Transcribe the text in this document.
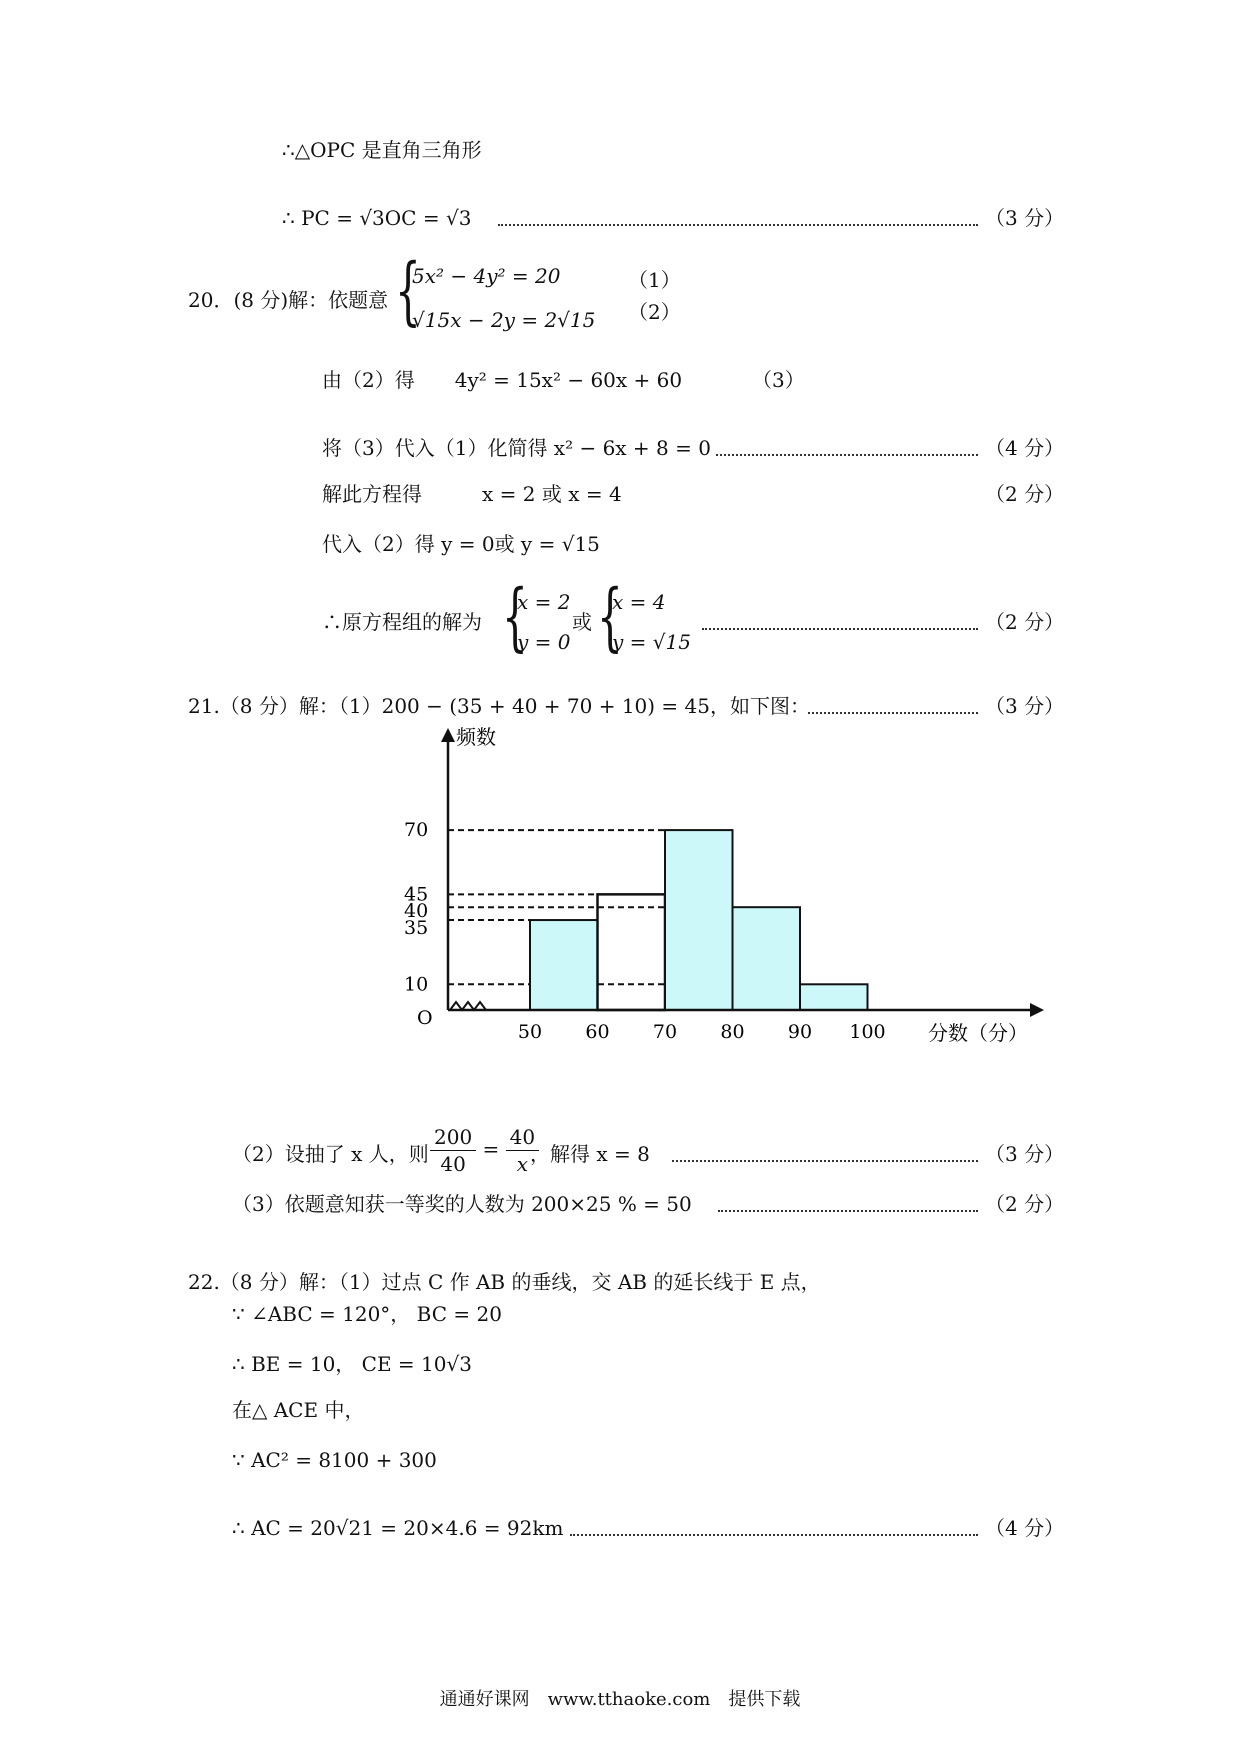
∴△OPC 是直角三角形
∴ PC = √3OC = √3	（3 分）
20．(8 分)解：依题意 {
5x² − 4y² = 20	（1）
√15x − 2y = 2√15 （2）
由（2）得　　4y² = 15x² − 60x + 60	（3）
将（3）代入（1）化简得 x² − 6x + 8 = 0	（4 分）
解此方程得　　　x = 2 或 x = 4	（2 分）
代入（2）得 y = 0或 y = √15
∴原方程组的解为 {
x = 2
y = 0
或 {
x = 4
y = √15
（2 分）
21.（8 分）解：（1）200 − (35 + 40 + 70 + 10) = 45，如下图：	（3 分）
频数
分数（分）
O
70
45
40
35
10
50 60 70 80 90 100
（2）设抽了 x 人，则 $\frac{200}{40} = \frac{40}{x}$
，解得 x = 8	（3 分）
（3）依题意知获一等奖的人数为 200×25 % = 50	（2 分）
22.（8 分）解：（1）过点 C 作 AB 的垂线，交 AB 的延长线于 E 点，
∵ ∠ABC = 120°， BC = 20
∴ BE = 10， CE = 10√3
在△ ACE 中，
∵ AC² = 8100 + 300
∴ AC = 20√21 = 20×4.6 = 92km	（4 分）
通通好课网　www.tthaoke.com　提供下载
